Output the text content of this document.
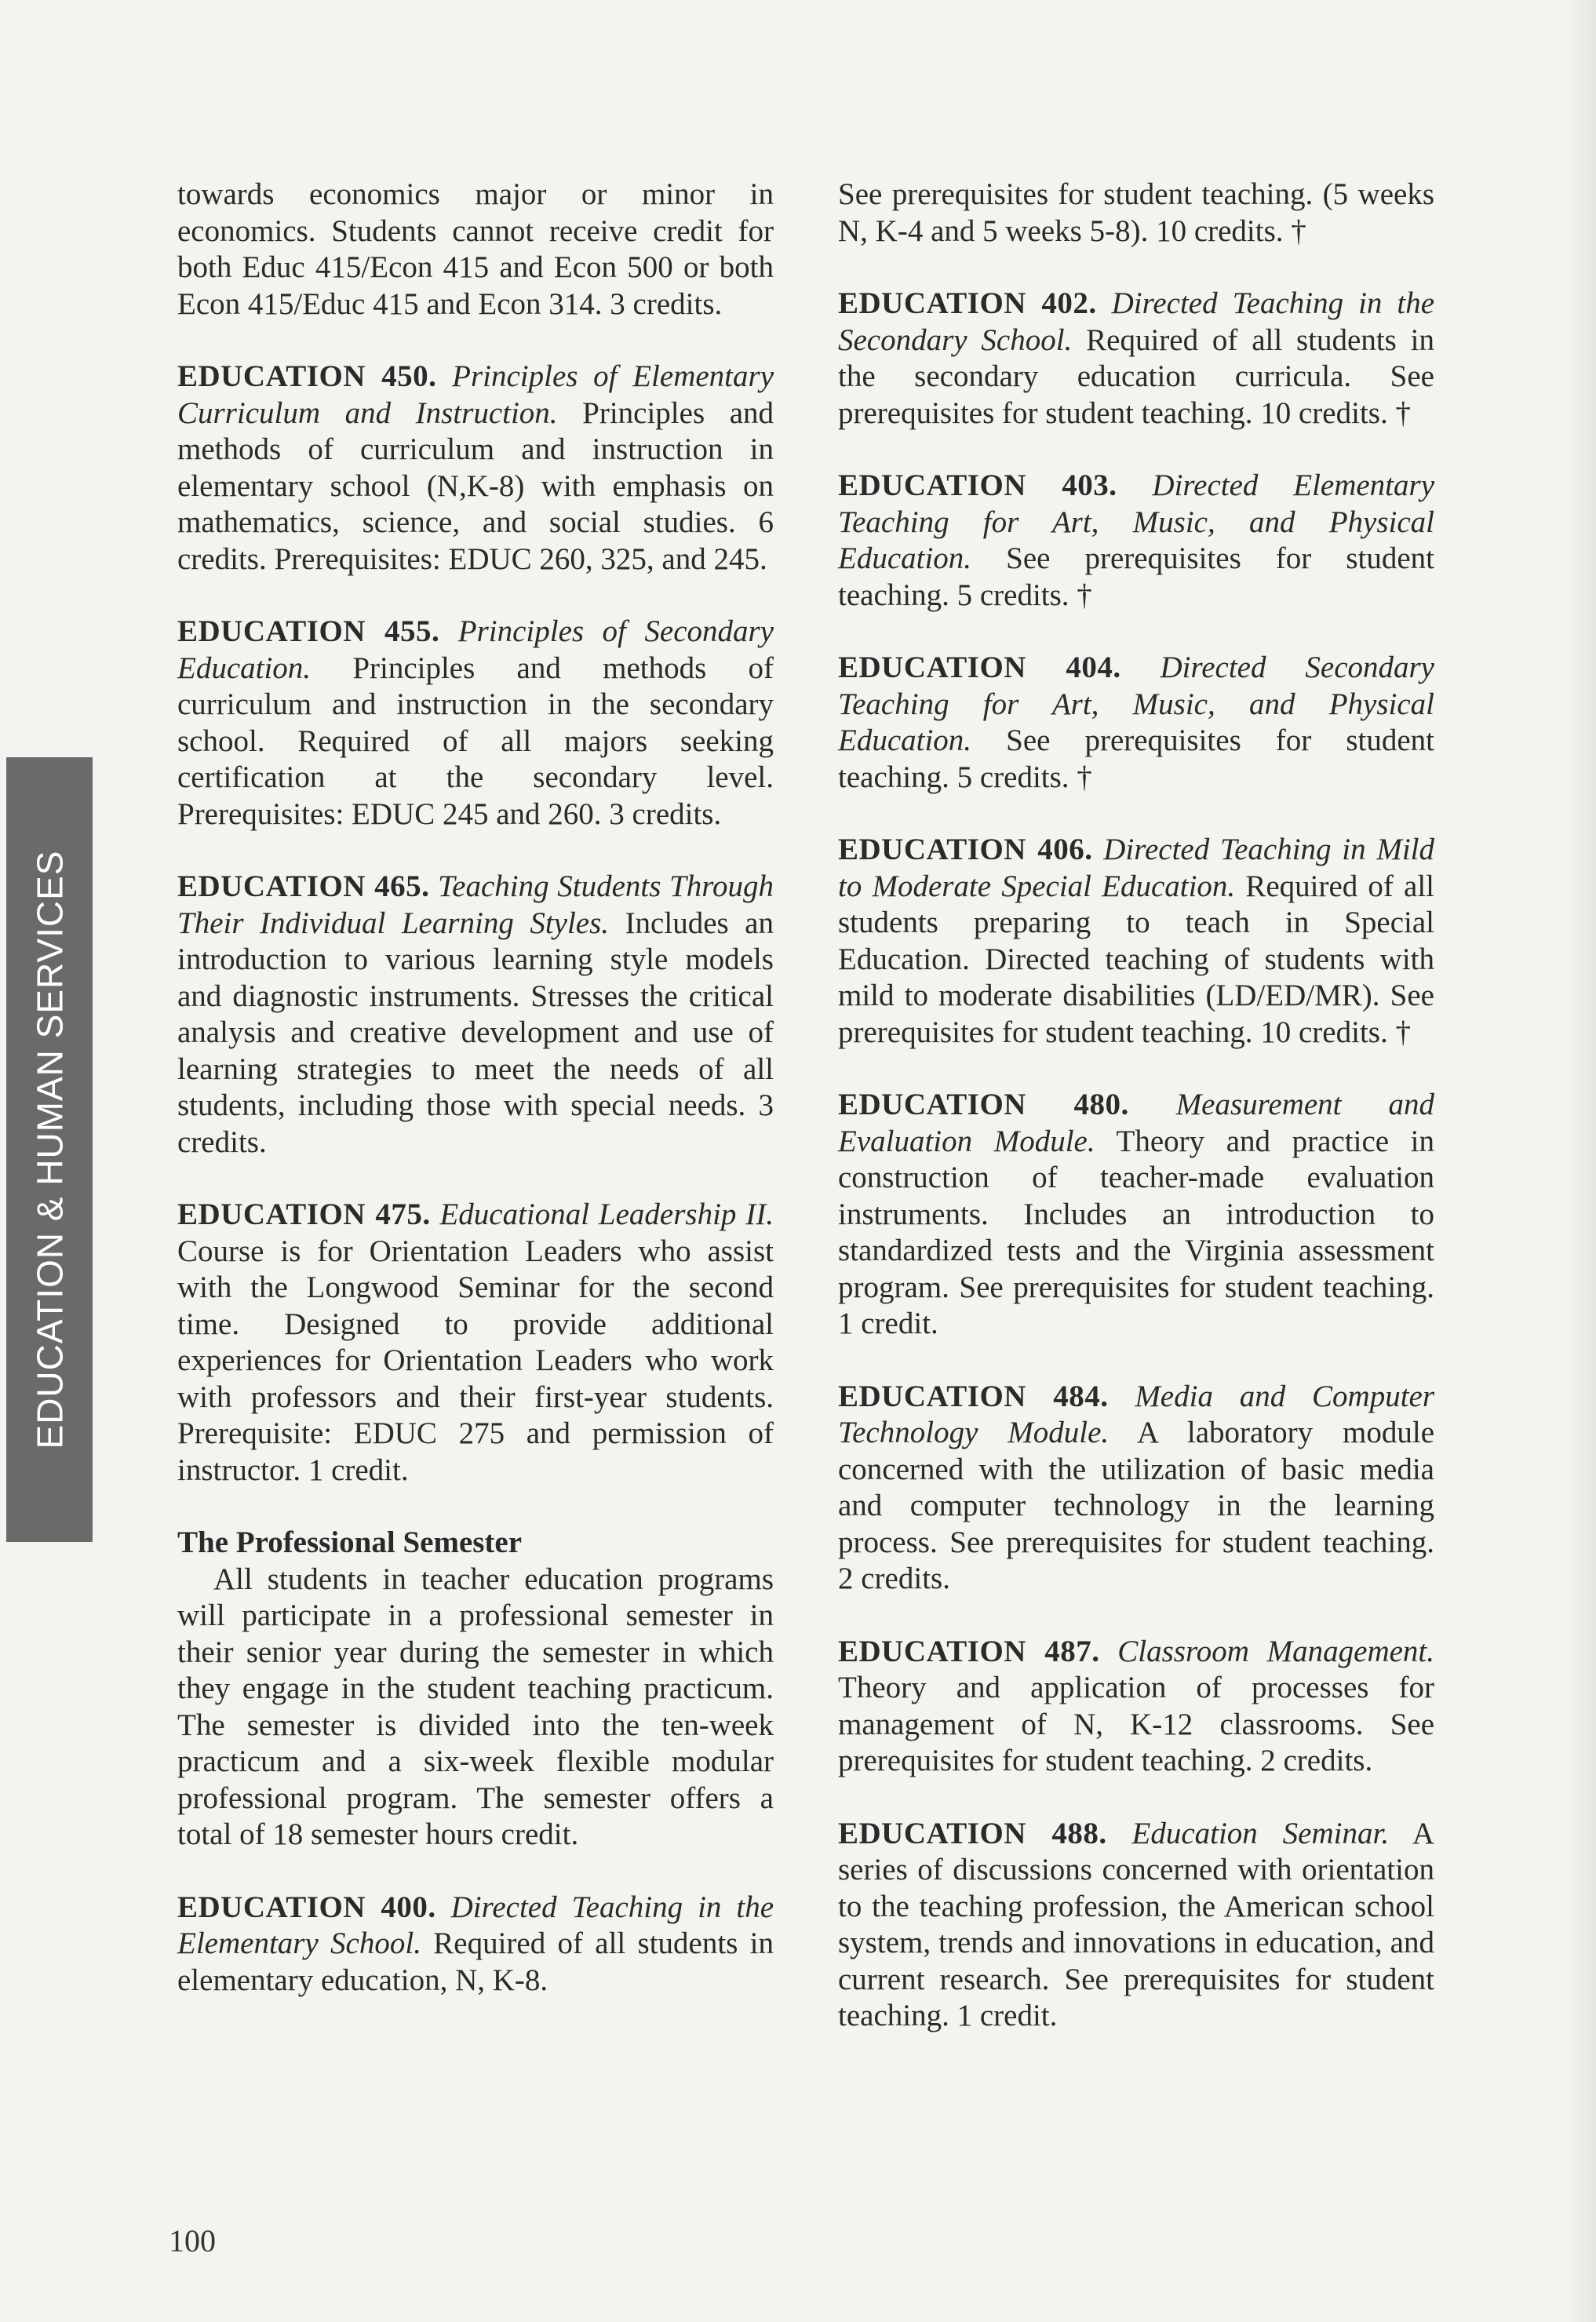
EDUCATION & HUMAN SERVICES

towards economics major or minor in economics. Students cannot receive credit for both Educ 415/Econ 415 and Econ 500 or both Econ 415/Educ 415 and Econ 314. 3 credits.

EDUCATION 450. Principles of Elementary Curriculum and Instruction. Principles and methods of curriculum and instruction in elementary school (N,K-8) with emphasis on mathematics, science, and social studies. 6 credits. Prerequisites: EDUC 260, 325, and 245.

EDUCATION 455. Principles of Secondary Education. Principles and methods of curriculum and instruction in the secondary school. Required of all majors seeking certification at the secondary level. Prerequisites: EDUC 245 and 260. 3 credits.

EDUCATION 465. Teaching Students Through Their Individual Learning Styles. Includes an introduction to various learning style models and diagnostic instruments. Stresses the critical analysis and creative development and use of learning strategies to meet the needs of all students, including those with special needs. 3 credits.

EDUCATION 475. Educational Leadership II. Course is for Orientation Leaders who assist with the Longwood Seminar for the second time. Designed to provide additional experiences for Orientation Leaders who work with professors and their first-year students. Prerequisite: EDUC 275 and permission of instructor. 1 credit.

The Professional Semester

All students in teacher education programs will participate in a professional semester in their senior year during the semester in which they engage in the student teaching practicum. The semester is divided into the ten-week practicum and a six-week flexible modular professional program. The semester offers a total of 18 semester hours credit.

EDUCATION 400. Directed Teaching in the Elementary School. Required of all students in elementary education, N, K-8.

See prerequisites for student teaching. (5 weeks N, K-4 and 5 weeks 5-8). 10 credits. †

EDUCATION 402. Directed Teaching in the Secondary School. Required of all students in the secondary education curricula. See prerequisites for student teaching. 10 credits. †

EDUCATION 403. Directed Elementary Teaching for Art, Music, and Physical Education. See prerequisites for student teaching. 5 credits. †

EDUCATION 404. Directed Secondary Teaching for Art, Music, and Physical Education. See prerequisites for student teaching. 5 credits. †

EDUCATION 406. Directed Teaching in Mild to Moderate Special Education. Required of all students preparing to teach in Special Education. Directed teaching of students with mild to moderate disabilities (LD/ED/MR). See prerequisites for student teaching. 10 credits. †

EDUCATION 480. Measurement and Evaluation Module. Theory and practice in construction of teacher-made evaluation instruments. Includes an introduction to standardized tests and the Virginia assessment program. See prerequisites for student teaching. 1 credit.

EDUCATION 484. Media and Computer Technology Module. A laboratory module concerned with the utilization of basic media and computer technology in the learning process. See prerequisites for student teaching. 2 credits.

EDUCATION 487. Classroom Management. Theory and application of processes for management of N, K-12 classrooms. See prerequisites for student teaching. 2 credits.

EDUCATION 488. Education Seminar. A series of discussions concerned with orientation to the teaching profession, the American school system, trends and innovations in education, and current research. See prerequisites for student teaching. 1 credit.

100
